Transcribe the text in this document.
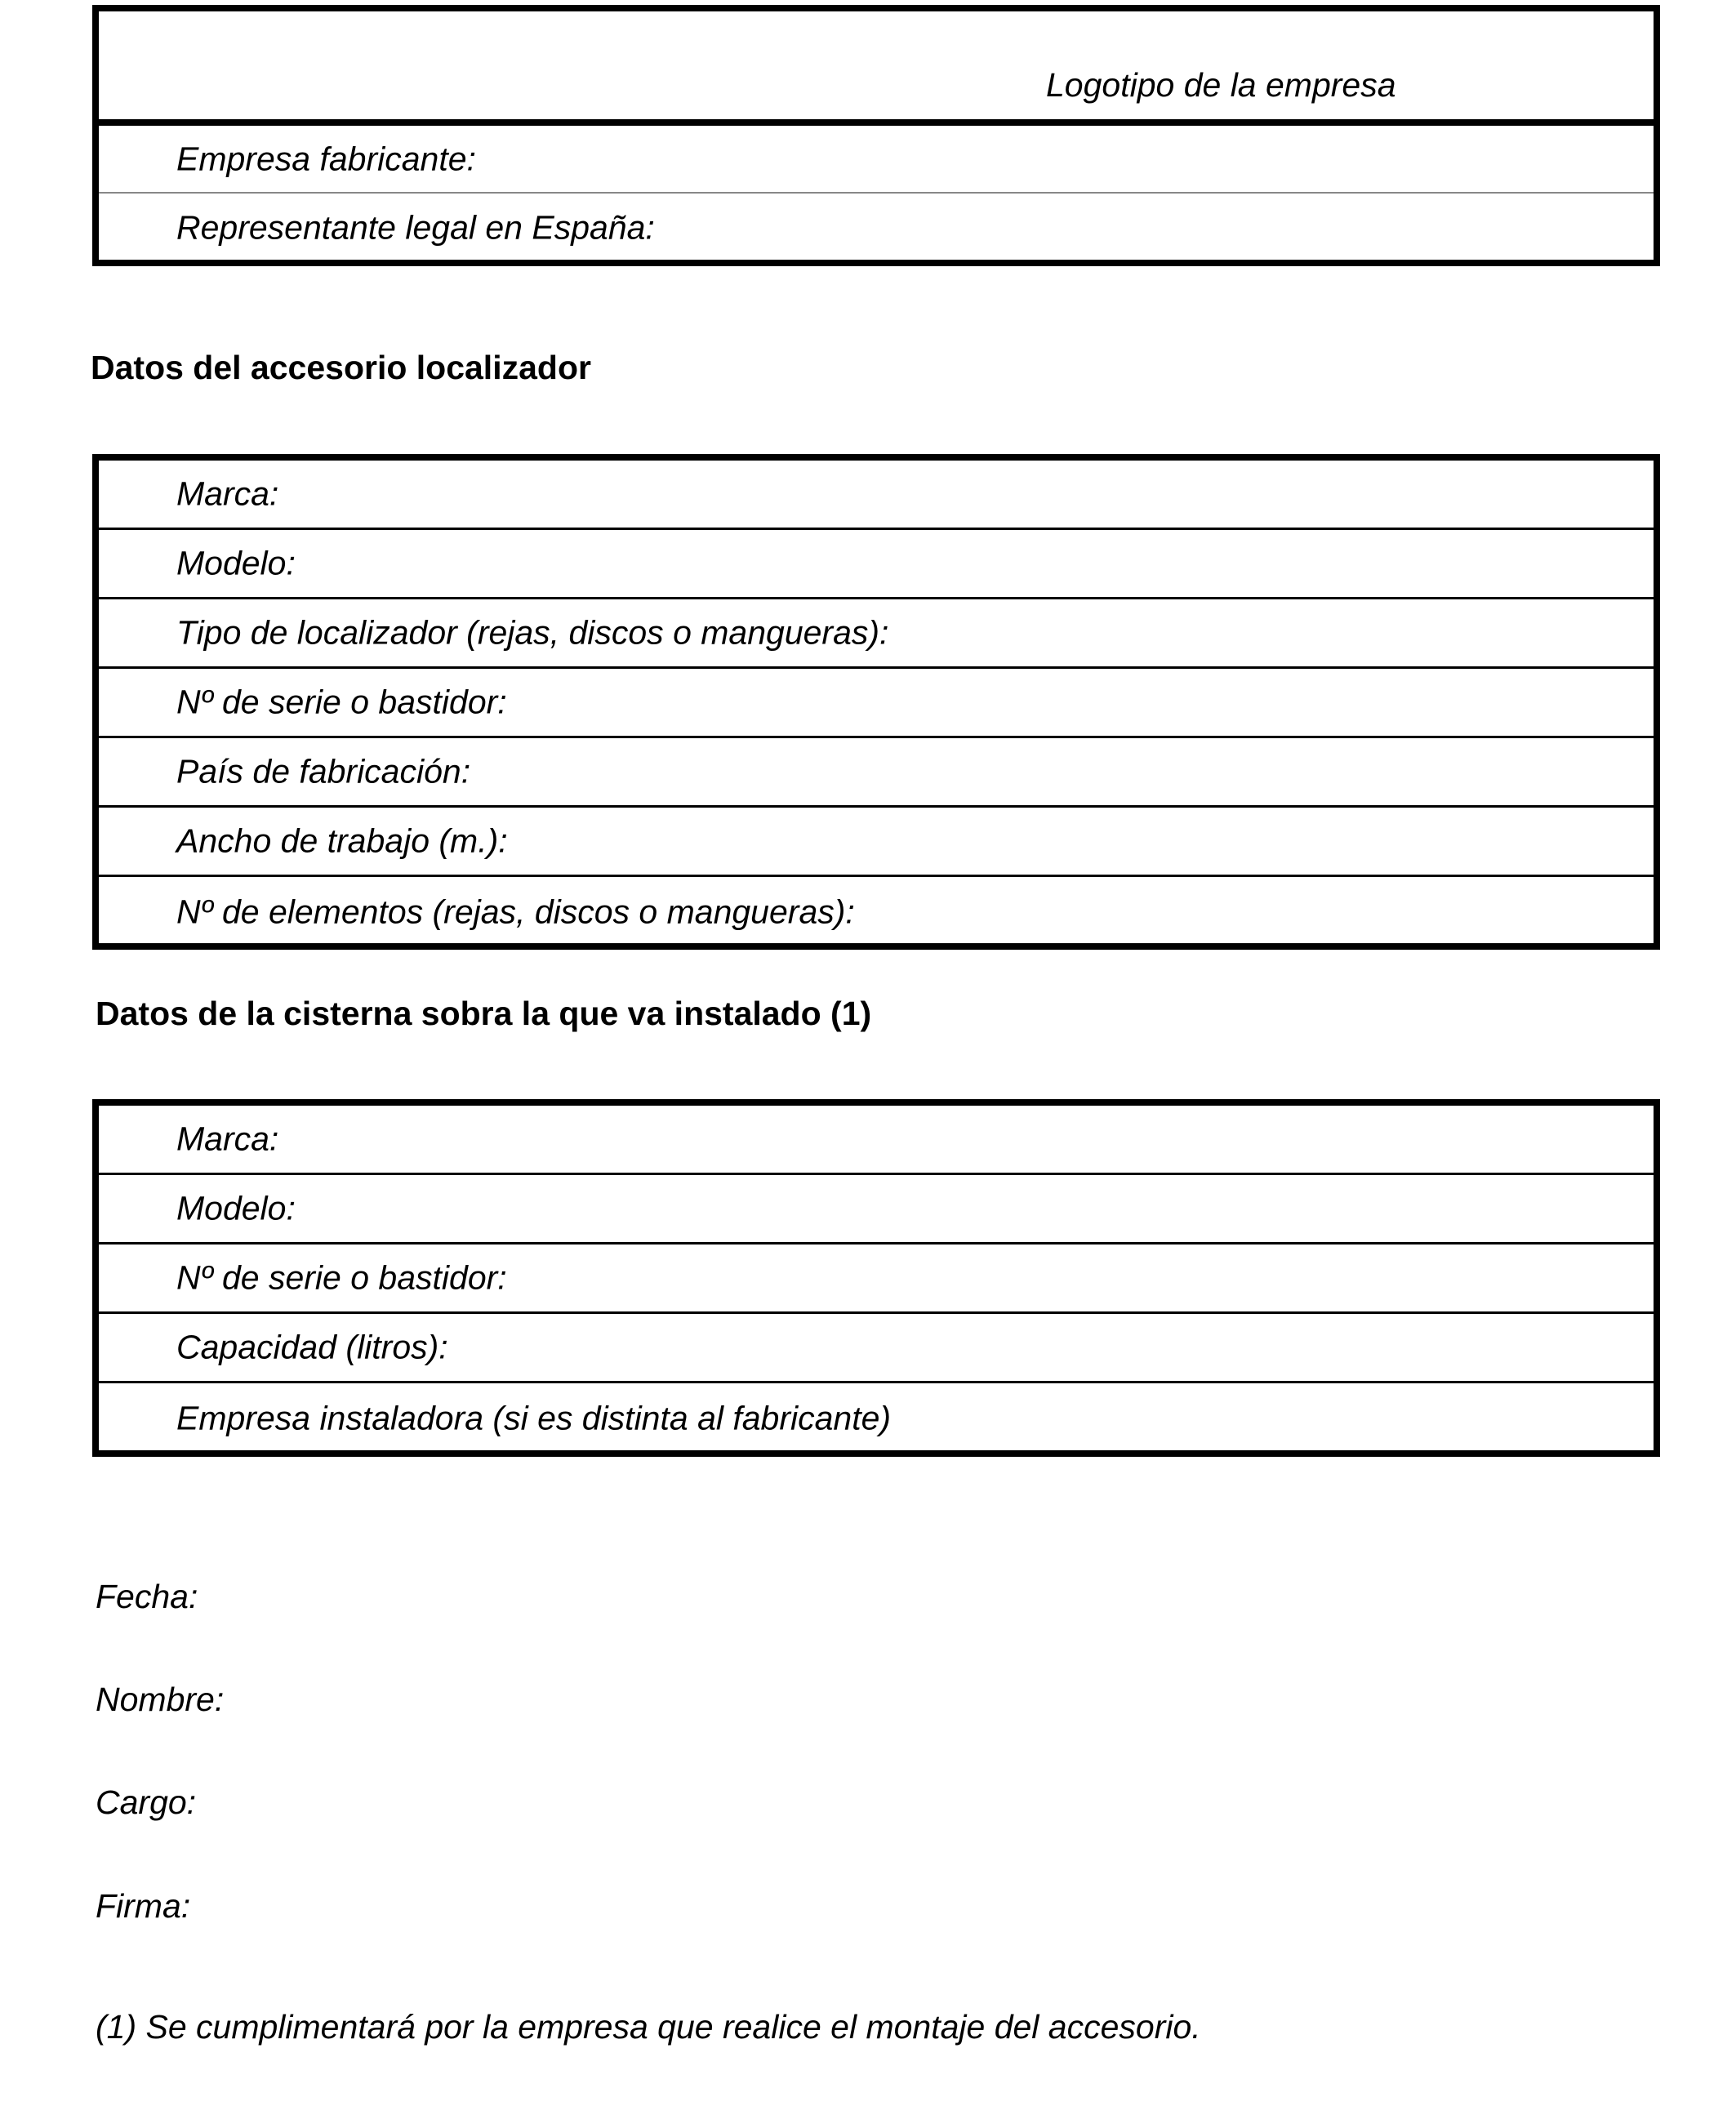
Logotipo de la empresa
Empresa fabricante:
Representante legal en España:
Datos del accesorio localizador
Marca:
Modelo:
Tipo de localizador (rejas, discos o mangueras):
Nº de serie o bastidor:
País de fabricación:
Ancho de trabajo (m.):
Nº de elementos (rejas, discos o mangueras):
Datos de la cisterna sobra la que va instalado (1)
Marca:
Modelo:
Nº de serie o bastidor:
Capacidad (litros):
Empresa instaladora (si es distinta al fabricante)
Fecha:
Nombre:
Cargo:
Firma:
(1) Se cumplimentará por la empresa que realice el montaje del accesorio.
